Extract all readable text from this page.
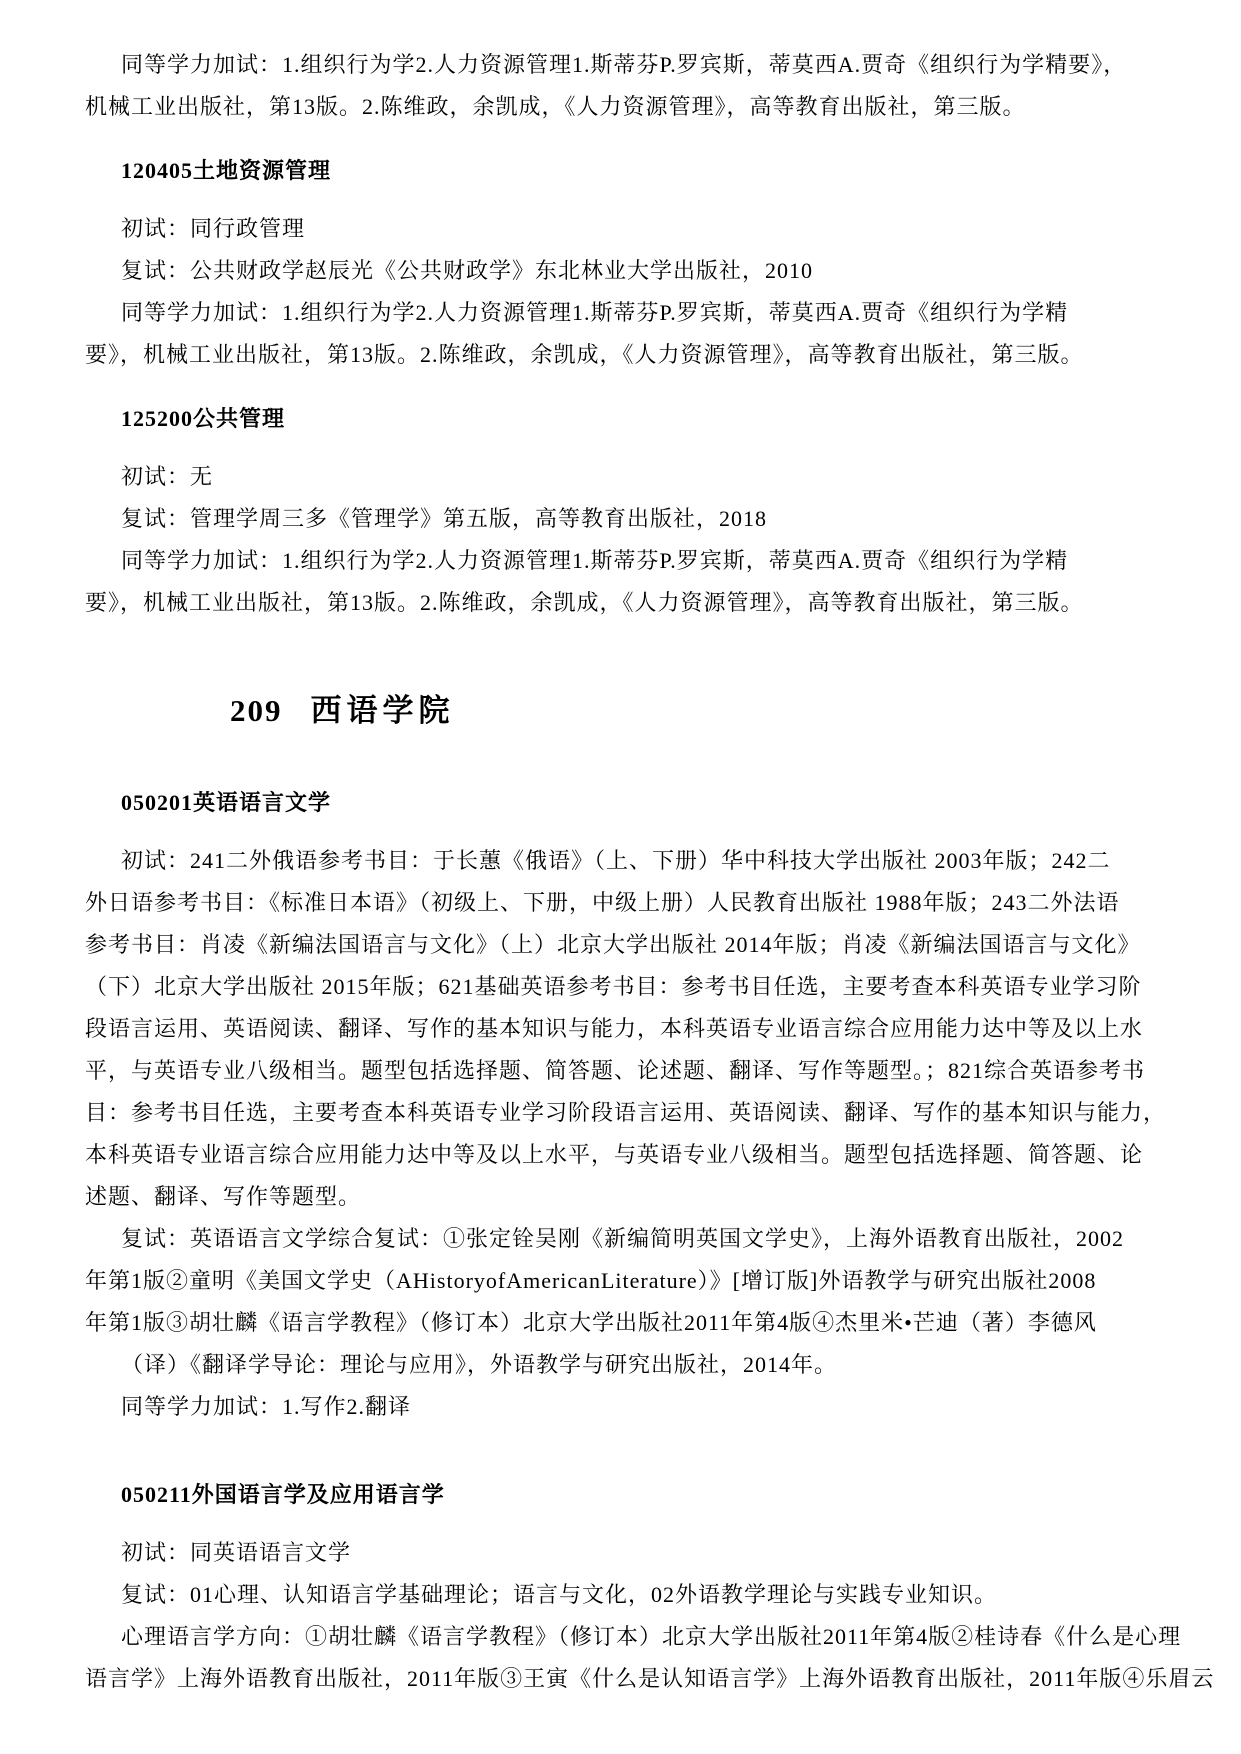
同等学力加试：1.组织行为学2.人力资源管理1.斯蒂芬P.罗宾斯，蒂莫西A.贾奇《组织行为学精要》，
机械工业出版社，第13版。2.陈维政，余凯成，《人力资源管理》，高等教育出版社，第三版。
120405土地资源管理
初试：同行政管理
复试：公共财政学赵辰光《公共财政学》东北林业大学出版社，2010
同等学力加试：1.组织行为学2.人力资源管理1.斯蒂芬P.罗宾斯，蒂莫西A.贾奇《组织行为学精
要》，机械工业出版社，第13版。2.陈维政，余凯成，《人力资源管理》，高等教育出版社，第三版。
125200公共管理
初试：无
复试：管理学周三多《管理学》第五版，高等教育出版社，2018
同等学力加试：1.组织行为学2.人力资源管理1.斯蒂芬P.罗宾斯，蒂莫西A.贾奇《组织行为学精
要》，机械工业出版社，第13版。2.陈维政，余凯成，《人力资源管理》，高等教育出版社，第三版。
209 西语学院
050201英语语言文学
初试：241二外俄语参考书目：于长蕙《俄语》（上、下册）华中科技大学出版社 2003年版；242二
外日语参考书目：《标准日本语》（初级上、下册，中级上册）人民教育出版社 1988年版；243二外法语
参考书目：肖凌《新编法国语言与文化》（上）北京大学出版社 2014年版；肖凌《新编法国语言与文化》
（下）北京大学出版社 2015年版；621基础英语参考书目：参考书目任选，主要考查本科英语专业学习阶
段语言运用、英语阅读、翻译、写作的基本知识与能力，本科英语专业语言综合应用能力达中等及以上水
平，与英语专业八级相当。题型包括选择题、简答题、论述题、翻译、写作等题型。；821综合英语参考书
目：参考书目任选，主要考查本科英语专业学习阶段语言运用、英语阅读、翻译、写作的基本知识与能力，
本科英语专业语言综合应用能力达中等及以上水平，与英语专业八级相当。题型包括选择题、简答题、论
述题、翻译、写作等题型。
复试：英语语言文学综合复试：①张定铨吴刚《新编简明英国文学史》，上海外语教育出版社，2002
年第1版②童明《美国文学史（AHistoryofAmericanLiterature）》[增订版]外语教学与研究出版社2008
年第1版③胡壮麟《语言学教程》（修订本）北京大学出版社2011年第4版④杰里米•芒迪（著）李德风
（译）《翻译学导论：理论与应用》，外语教学与研究出版社，2014年。
同等学力加试：1.写作2.翻译
050211外国语言学及应用语言学
初试：同英语语言文学
复试：01心理、认知语言学基础理论；语言与文化，02外语教学理论与实践专业知识。
心理语言学方向：①胡壮麟《语言学教程》（修订本）北京大学出版社2011年第4版②桂诗春《什么是心理
语言学》上海外语教育出版社，2011年版③王寅《什么是认知语言学》上海外语教育出版社，2011年版④乐眉云
